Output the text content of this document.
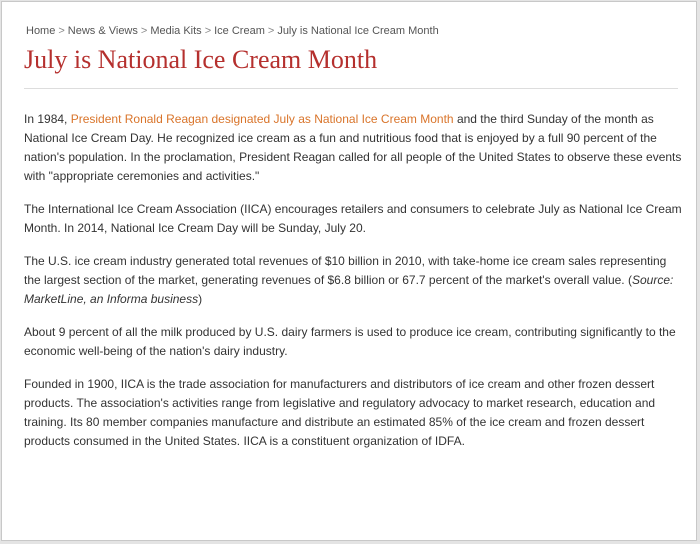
Home > News & Views > Media Kits > Ice Cream > July is National Ice Cream Month
July is National Ice Cream Month

In 1984, President Ronald Reagan designated July as National Ice Cream Month and the third Sunday of the month as National Ice Cream Day. He recognized ice cream as a fun and nutritious food that is enjoyed by a full 90 percent of the nation's population. In the proclamation, President Reagan called for all people of the United States to observe these events with "appropriate ceremonies and activities."

The International Ice Cream Association (IICA) encourages retailers and consumers to celebrate July as National Ice Cream Month. In 2014, National Ice Cream Day will be Sunday, July 20.

The U.S. ice cream industry generated total revenues of $10 billion in 2010, with take-home ice cream sales representing the largest section of the market, generating revenues of $6.8 billion or 67.7 percent of the market's overall value. (Source: MarketLine, an Informa business)

About 9 percent of all the milk produced by U.S. dairy farmers is used to produce ice cream, contributing significantly to the economic well-being of the nation's dairy industry.

Founded in 1900, IICA is the trade association for manufacturers and distributors of ice cream and other frozen dessert products. The association's activities range from legislative and regulatory advocacy to market research, education and training. Its 80 member companies manufacture and distribute an estimated 85% of the ice cream and frozen dessert products consumed in the United States. IICA is a constituent organization of IDFA.
